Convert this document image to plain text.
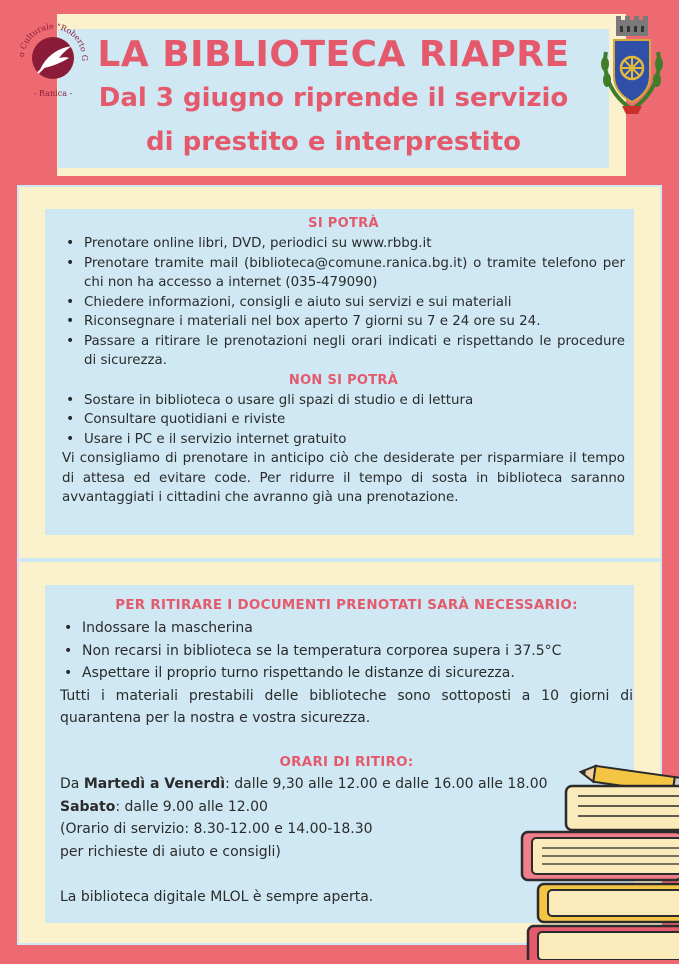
LA BIBLIOTECA RIAPRE
Dal 3 giugno riprende il servizio
di prestito e interprestito
o Culturale "Roberto G
- Ranica -
SI POTRÀ
• Prenotare online libri, DVD, periodici su www.rbbg.it
• Prenotare tramite mail (biblioteca@comune.ranica.bg.it) o tramite telefono per chi non ha accesso a internet (035-479090)
• Chiedere informazioni, consigli e aiuto sui servizi e sui materiali
• Riconsegnare i materiali nel box aperto 7 giorni su 7 e 24 ore su 24.
• Passare a ritirare le prenotazioni negli orari indicati e rispettando le procedure di sicurezza.
NON SI POTRÀ
• Sostare in biblioteca o usare gli spazi di studio e di lettura
• Consultare quotidiani e riviste
• Usare i PC e il servizio internet gratuito
Vi consigliamo di prenotare in anticipo ciò che desiderate per risparmiare il tempo di attesa ed evitare code. Per ridurre il tempo di sosta in biblioteca saranno avvantaggiati i cittadini che avranno già una prenotazione.
PER RITIRARE I DOCUMENTI PRENOTATI SARÀ NECESSARIO:
• Indossare la mascherina
• Non recarsi in biblioteca se la temperatura corporea supera i 37.5°C
• Aspettare il proprio turno rispettando le distanze di sicurezza.
Tutti i materiali prestabili delle biblioteche sono sottoposti a 10 giorni di quarantena per la nostra e vostra sicurezza.
ORARI DI RITIRO:
Da Martedì a Venerdì: dalle 9,30 alle 12.00 e dalle 16.00 alle 18.00
Sabato: dalle 9.00 alle 12.00
(Orario di servizio: 8.30-12.00 e 14.00-18.30
per richieste di aiuto e consigli)
La biblioteca digitale MLOL è sempre aperta.
